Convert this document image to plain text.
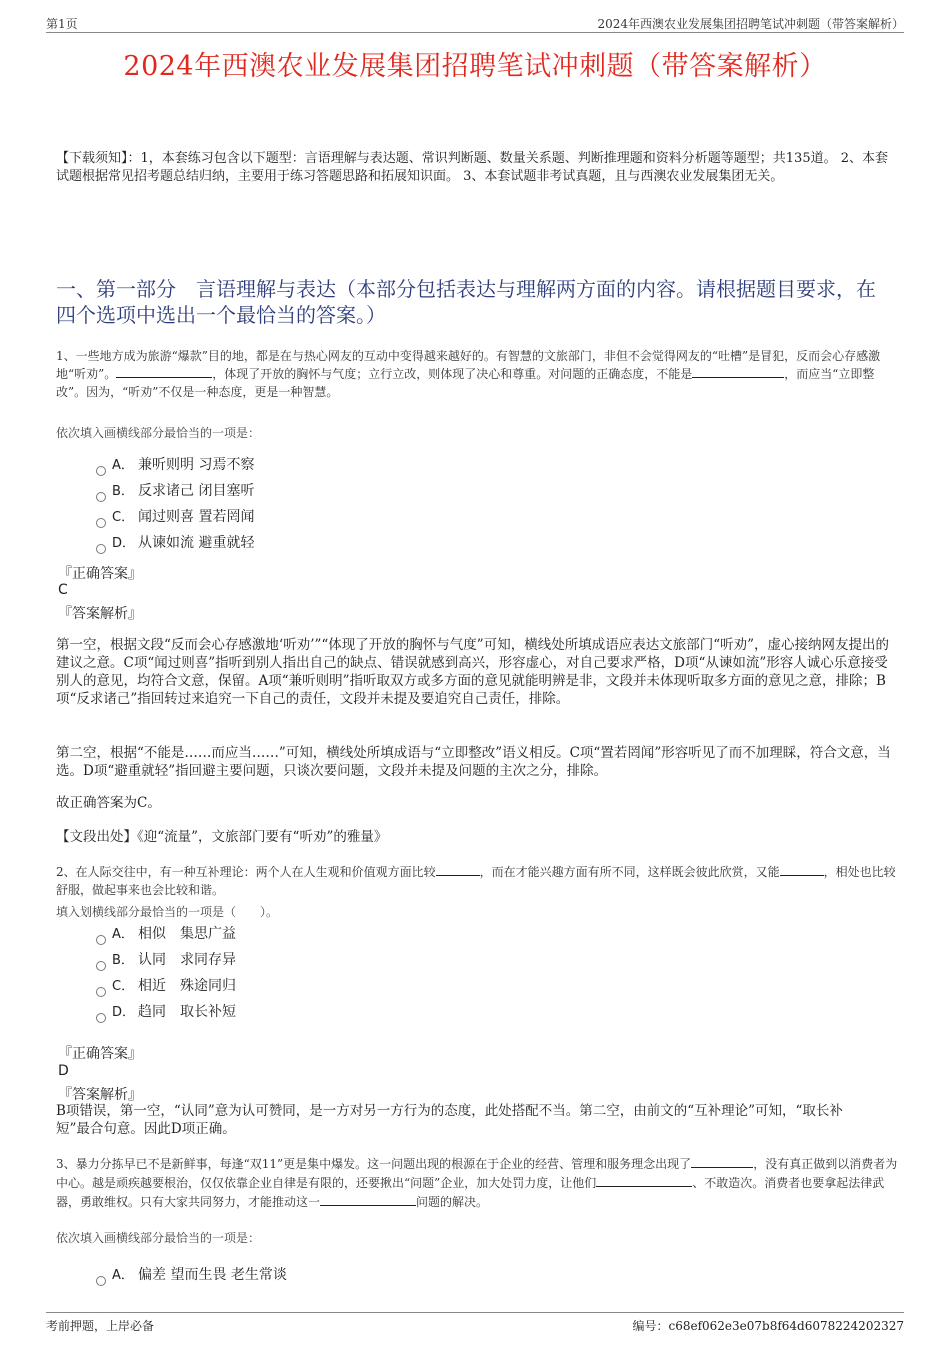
第1页	2024年西澳农业发展集团招聘笔试冲刺题（带答案解析）
2024年西澳农业发展集团招聘笔试冲刺题（带答案解析）
【下载须知】：1，本套练习包含以下题型：言语理解与表达题、常识判断题、数量关系题、判断推理题和资料分析题等题型；共135道。 2、本套试题根据常见招考题总结归纳，主要用于练习答题思路和拓展知识面。 3、本套试题非考试真题，且与西澳农业发展集团无关。
一、第一部分　言语理解与表达（本部分包括表达与理解两方面的内容。请根据题目要求，在四个选项中选出一个最恰当的答案。）
1、一些地方成为旅游“爆款”目的地，都是在与热心网友的互动中变得越来越好的。有智慧的文旅部门，非但不会觉得网友的“吐槽”是冒犯，反而会心存感激地“听劝”。	，体现了开放的胸怀与气度；立行立改，则体现了决心和尊重。对问题的正确态度，不能是	，而应当“立即整改”。因为，“听劝”不仅是一种态度，更是一种智慧。
依次填入画横线部分最恰当的一项是：
A． 兼听则明 习焉不察
B． 反求诸己 闭目塞听
C． 闻过则喜 置若罔闻
D． 从谏如流 避重就轻
『正确答案』
C
『答案解析』
第一空，根据文段“反而会心存感激地‘听劝’”“体现了开放的胸怀与气度”可知，横线处所填成语应表达文旅部门“听劝”，虚心接纳网友提出的建议之意。C项“闻过则喜”指听到别人指出自己的缺点、错误就感到高兴，形容虚心，对自己要求严格，D项“从谏如流”形容人诚心乐意接受别人的意见，均符合文意，保留。A项“兼听则明”指听取双方或多方面的意见就能明辨是非，文段并未体现听取多方面的意见之意，排除；B项“反求诸己”指回转过来追究一下自己的责任，文段并未提及要追究自己责任，排除。
第二空，根据“不能是……而应当……”可知，横线处所填成语与“立即整改”语义相反。C项“置若罔闻”形容听见了而不加理睬，符合文意，当选。D项“避重就轻”指回避主要问题，只谈次要问题，文段并未提及问题的主次之分，排除。
故正确答案为C。
【文段出处】《迎“流量”，文旅部门要有“听劝”的雅量》
2、在人际交往中，有一种互补理论：两个人在人生观和价值观方面比较	，而在才能兴趣方面有所不同，这样既会彼此欣赏，又能	，相处也比较舒服，做起事来也会比较和谐。
填入划横线部分最恰当的一项是（　　）。
A． 相似　集思广益
B． 认同　求同存异
C． 相近　殊途同归
D． 趋同　取长补短
『正确答案』
D
『答案解析』
B项错误，第一空，“认同”意为认可赞同，是一方对另一方行为的态度，此处搭配不当。第二空，由前文的“互补理论”可知，“取长补短”最合句意。因此D项正确。
3、暴力分拣早已不是新鲜事，每逢“双11”更是集中爆发。这一问题出现的根源在于企业的经营、管理和服务理念出现了	，没有真正做到以消费者为中心。越是顽疾越要根治，仅仅依靠企业自律是有限的，还要揪出“问题”企业，加大处罚力度，让他们	、不敢造次。消费者也要拿起法律武器，勇敢维权。只有大家共同努力，才能推动这一	问题的解决。
依次填入画横线部分最恰当的一项是：
A． 偏差 望而生畏 老生常谈
考前押题，上岸必备	编号：c68ef062e3e07b8f64d6078224202327
